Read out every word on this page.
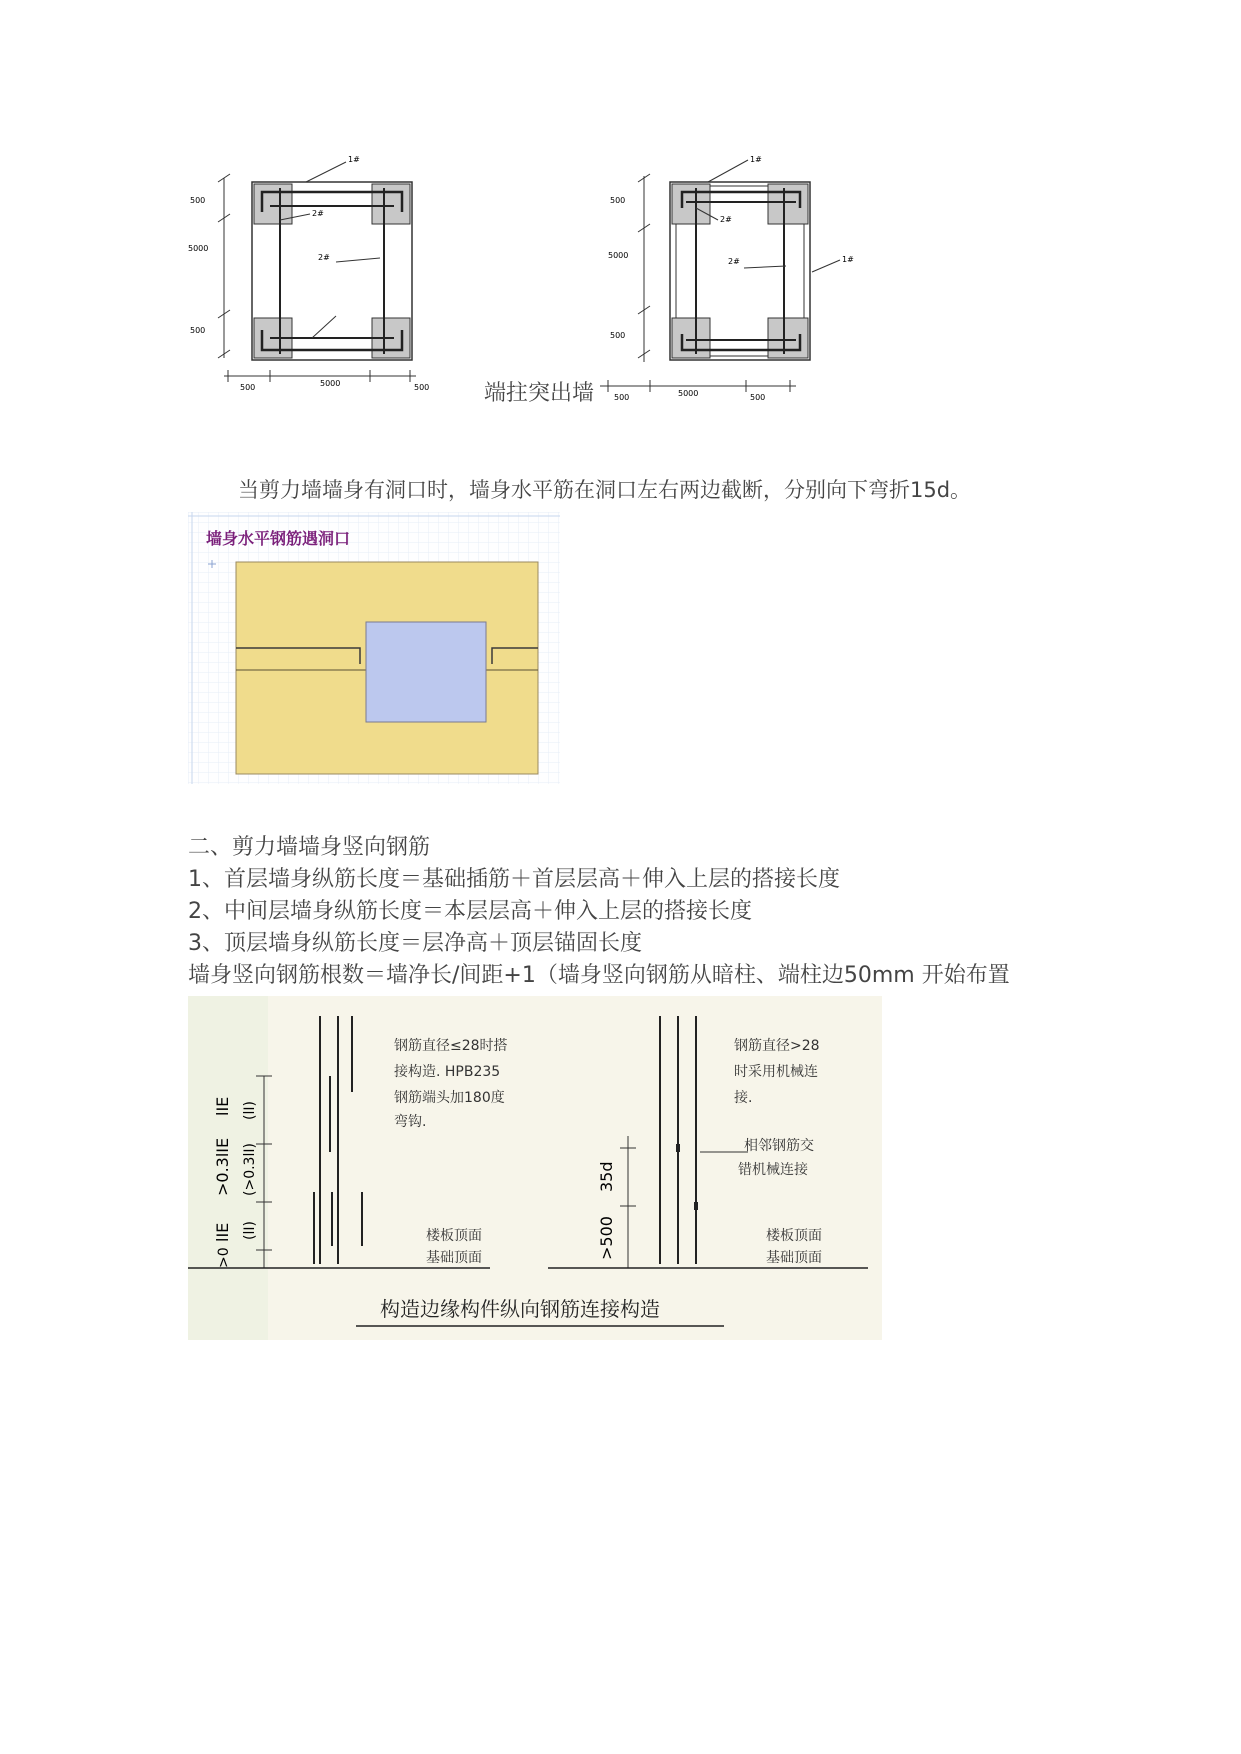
500
5000
500
500	5000	500
1#
2#
2#
端拄突出墙
500
5000
500
500	5000	500
1#
2#
2#	1#
当剪力墙墙身有洞口时，墙身水平筋在洞口左右两边截断，分别向下弯折15d。
墙身水平钢筋遇洞口
二、剪力墙墙身竖向钢筋
1、首层墙身纵筋长度＝基础插筋＋首层层高＋伸入上层的搭接长度
2、中间层墙身纵筋长度＝本层层高＋伸入上层的搭接长度
3、顶层墙身纵筋长度＝层净高＋顶层锚固长度
墙身竖向钢筋根数＝墙净长/间距+1（墙身竖向钢筋从暗柱、端柱边50mm 开始布置
lIE (lI)
>0.3lIE (>0.3lI)
lIE (lI)
>0
钢筋直径≤28时搭
接构造. HPB235
钢筋端头加180度
弯钩.
楼板顶面
基础顶面
35d
>500
钢筋直径>28
时采用机械连
接.
相邻钢筋交
错机械连接
楼板顶面
基础顶面
构造边缘构件纵向钢筋连接构造
